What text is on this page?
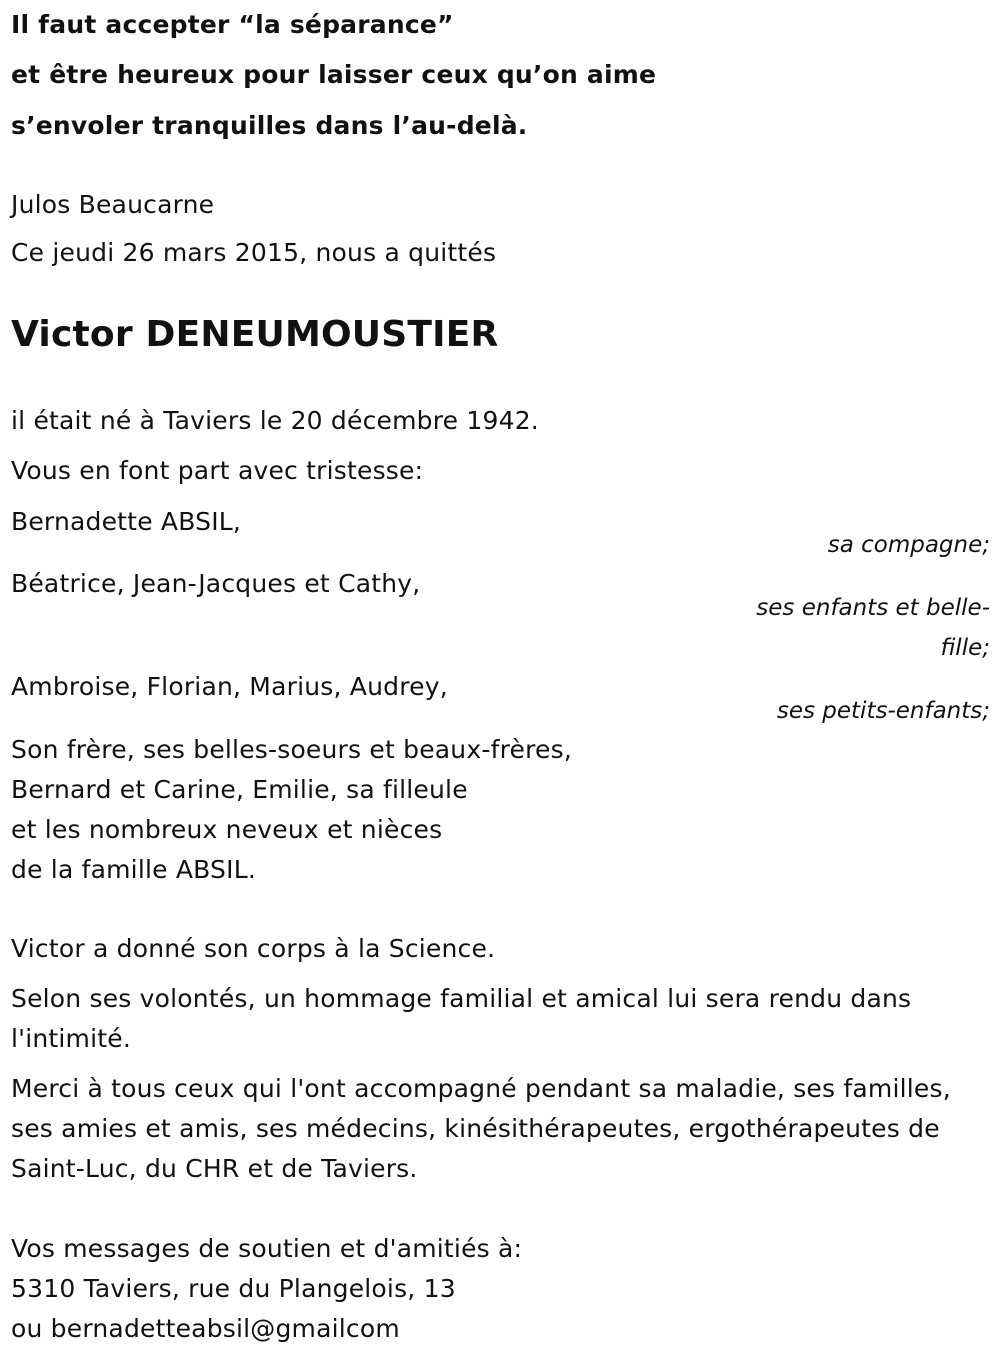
Il faut accepter “la séparance”
et être heureux pour laisser ceux qu’on aime
s’envoler tranquilles dans l’au-delà.
Julos Beaucarne
Ce jeudi 26 mars 2015, nous a quittés
Victor DENEUMOUSTIER
il était né à Taviers le 20 décembre 1942.
Vous en font part avec tristesse:
Bernadette ABSIL,
sa compagne;
Béatrice, Jean-Jacques et Cathy,
ses enfants et belle-fille;
Ambroise, Florian, Marius, Audrey,
ses petits-enfants;
Son frère, ses belles-soeurs et beaux-frères,
Bernard et Carine, Emilie, sa filleule
et les nombreux neveux et nièces
de la famille ABSIL.
Victor a donné son corps à la Science.
Selon ses volontés, un hommage familial et amical lui sera rendu dans
l'intimité.
Merci à tous ceux qui l'ont accompagné pendant sa maladie, ses familles,
ses amies et amis, ses médecins, kinésithérapeutes, ergothérapeutes de
Saint-Luc, du CHR et de Taviers.
Vos messages de soutien et d'amitiés à:
5310 Taviers, rue du Plangelois, 13
ou bernadetteabsil@gmailcom
